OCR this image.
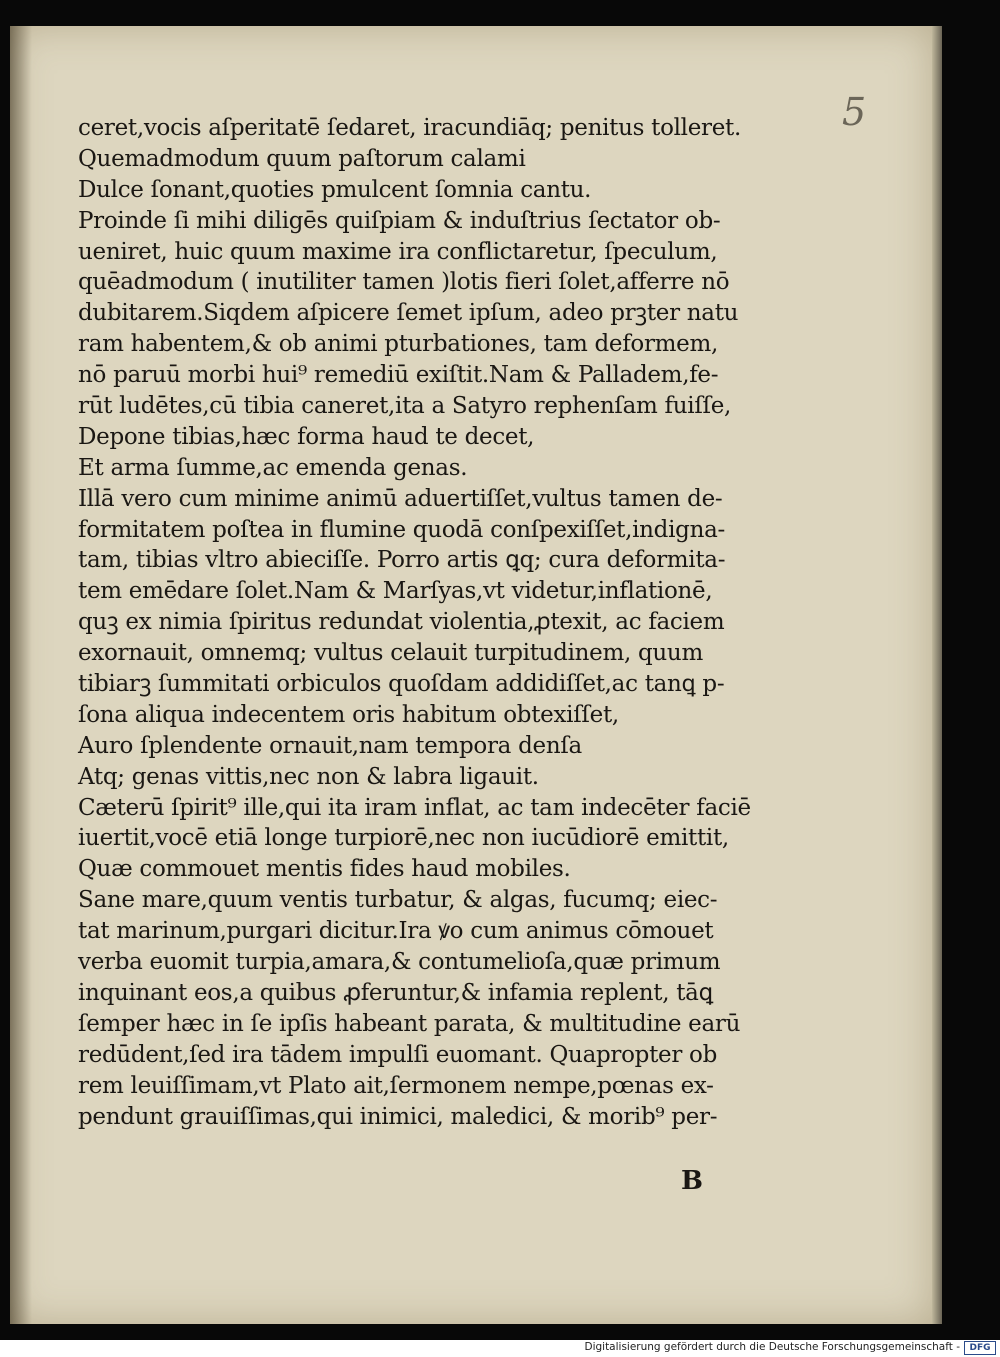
5
ceret,vocis aſperitatē ſedaret, iracundiāq; penitus tolleret.
Quemadmodum quum paſtorum calami
Dulce ſonant,quoties pmulcent ſomnia cantu.
Proinde ſi mihi diligēs quiſpiam & induſtrius ſectator ob-
ueniret, huic quum maxime ira conflictaretur, ſpeculum,
quēadmodum ( inutiliter tamen )lotis fieri ſolet,afferre nō
dubitarem.Siqdem aſpicere ſemet ipſum, adeo prꝫter natu
ram habentem,& ob animi pturbationes, tam deformem,
nō paruū morbi hui⁹ remediū exiſtit.Nam & Palladem,fe-
rūt ludētes,cū tibia caneret,ita a Satyro rephenſam fuiſſe,
Depone tibias,hæc forma haud te decet,
Et arma ſumme,ac emenda genas.
Illā vero cum minime animū aduertiſſet,vultus tamen de-
formitatem poſtea in flumine quodā conſpexiſſet,indigna-
tam, tibias vltro abieciſſe. Porro artis ꝗq; cura deformita-
tem emēdare ſolet.Nam & Marſyas,vt videtur,inflationē,
quꝫ ex nimia ſpiritus redundat violentia,ꝓtexit, ac faciem
exornauit, omnemq; vultus celauit turpitudinem, quum
tibiarꝫ ſummitati orbiculos quoſdam addidiſſet,ac tanꝗ p-
ſona aliqua indecentem oris habitum obtexiſſet,
Auro ſplendente ornauit,nam tempora denſa
Atq; genas vittis,nec non & labra ligauit.
Cæterū ſpirit⁹ ille,qui ita iram inflat, ac tam indecēter faciē
iuertit,vocē etiā longe turpiorē,nec non iucūdiorē emittit,
Quæ commouet mentis fides haud mobiles.
Sane mare,quum ventis turbatur, & algas, fucumq; eiec-
tat marinum,purgari dicitur.Ira ꝟo cum animus cōmouet
verba euomit turpia,amara,& contumelioſa,quæ primum
inquinant eos,a quibus ꝓferuntur,& infamia replent, tāꝗ
ſemper hæc in ſe ipſis habeant parata, & multitudine earū
redūdent,ſed ira tādem impulſi euomant. Quapropter ob
rem leuiſſimam,vt Plato ait,ſermonem nempe,pœnas ex-
pendunt grauiſſimas,qui inimici, maledici, & morib⁹ per-
B
Digitalisierung gefördert durch die Deutsche Forschungsgemeinschaft -	DFG
